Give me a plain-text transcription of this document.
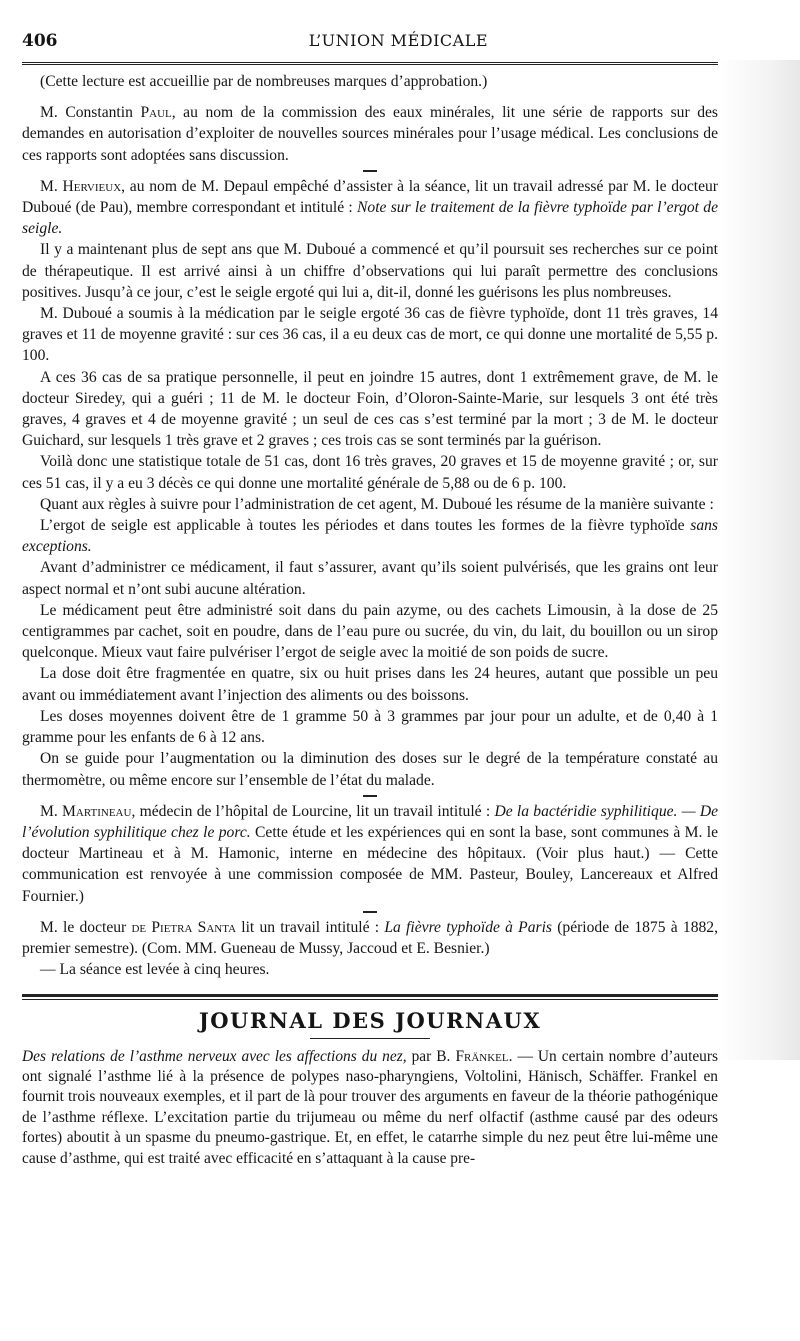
406	L’UNION MÉDICALE

(Cette lecture est accueillie par de nombreuses marques d’approbation.)

M. Constantin Paul, au nom de la commission des eaux minérales, lit une série de rapports sur des demandes en autorisation d’exploiter de nouvelles sources minérales pour l’usage médical. Les conclusions de ces rapports sont adoptées sans discussion.

M. Hervieux, au nom de M. Depaul empêché d’assister à la séance, lit un travail adressé par M. le docteur Duboué (de Pau), membre correspondant et intitulé : Note sur le traitement de la fièvre typhoïde par l’ergot de seigle.

Il y a maintenant plus de sept ans que M. Duboué a commencé et qu’il poursuit ses recherches sur ce point de thérapeutique. Il est arrivé ainsi à un chiffre d’observations qui lui paraît permettre des conclusions positives. Jusqu’à ce jour, c’est le seigle ergoté qui lui a, dit-il, donné les guérisons les plus nombreuses.

M. Duboué a soumis à la médication par le seigle ergoté 36 cas de fièvre typhoïde, dont 11 très graves, 14 graves et 11 de moyenne gravité : sur ces 36 cas, il a eu deux cas de mort, ce qui donne une mortalité de 5,55 p. 100.

A ces 36 cas de sa pratique personnelle, il peut en joindre 15 autres, dont 1 extrêmement grave, de M. le docteur Siredey, qui a guéri ; 11 de M. le docteur Foin, d’Oloron-Sainte-Marie, sur lesquels 3 ont été très graves, 4 graves et 4 de moyenne gravité ; un seul de ces cas s’est terminé par la mort ; 3 de M. le docteur Guichard, sur lesquels 1 très grave et 2 graves ; ces trois cas se sont terminés par la guérison.

Voilà donc une statistique totale de 51 cas, dont 16 très graves, 20 graves et 15 de moyenne gravité ; or, sur ces 51 cas, il y a eu 3 décès ce qui donne une mortalité générale de 5,88 ou de 6 p. 100.

Quant aux règles à suivre pour l’administration de cet agent, M. Duboué les résume de la manière suivante :

L’ergot de seigle est applicable à toutes les périodes et dans toutes les formes de la fièvre typhoïde sans exceptions.

Avant d’administrer ce médicament, il faut s’assurer, avant qu’ils soient pulvérisés, que les grains ont leur aspect normal et n’ont subi aucune altération.

Le médicament peut être administré soit dans du pain azyme, ou des cachets Limousin, à la dose de 25 centigrammes par cachet, soit en poudre, dans de l’eau pure ou sucrée, du vin, du lait, du bouillon ou un sirop quelconque. Mieux vaut faire pulvériser l’ergot de seigle avec la moitié de son poids de sucre.

La dose doit être fragmentée en quatre, six ou huit prises dans les 24 heures, autant que possible un peu avant ou immédiatement avant l’injection des aliments ou des boissons.

Les doses moyennes doivent être de 1 gramme 50 à 3 grammes par jour pour un adulte, et de 0,40 à 1 gramme pour les enfants de 6 à 12 ans.

On se guide pour l’augmentation ou la diminution des doses sur le degré de la température constaté au thermomètre, ou même encore sur l’ensemble de l’état du malade.

M. Martineau, médecin de l’hôpital de Lourcine, lit un travail intitulé : De la bactéridie syphilitique. — De l’évolution syphilitique chez le porc. Cette étude et les expériences qui en sont la base, sont communes à M. le docteur Martineau et à M. Hamonic, interne en médecine des hôpitaux. (Voir plus haut.) — Cette communication est renvoyée à une commission composée de MM. Pasteur, Bouley, Lancereaux et Alfred Fournier.)

M. le docteur de Pietra Santa lit un travail intitulé : La fièvre typhoïde à Paris (période de 1875 à 1882, premier semestre). (Com. MM. Gueneau de Mussy, Jaccoud et E. Besnier.)

— La séance est levée à cinq heures.

JOURNAL DES JOURNAUX

Des relations de l’asthme nerveux avec les affections du nez, par B. Fränkel. — Un certain nombre d’auteurs ont signalé l’asthme lié à la présence de polypes naso-pharyngiens, Voltolini, Hänisch, Schäffer. Frankel en fournit trois nouveaux exemples, et il part de là pour trouver des arguments en faveur de la théorie pathogénique de l’asthme réflexe. L’excitation partie du trijumeau ou même du nerf olfactif (asthme causé par des odeurs fortes) aboutit à un spasme du pneumo-gastrique. Et, en effet, le catarrhe simple du nez peut être lui-même une cause d’asthme, qui est traité avec efficacité en s’attaquant à la cause pre-
